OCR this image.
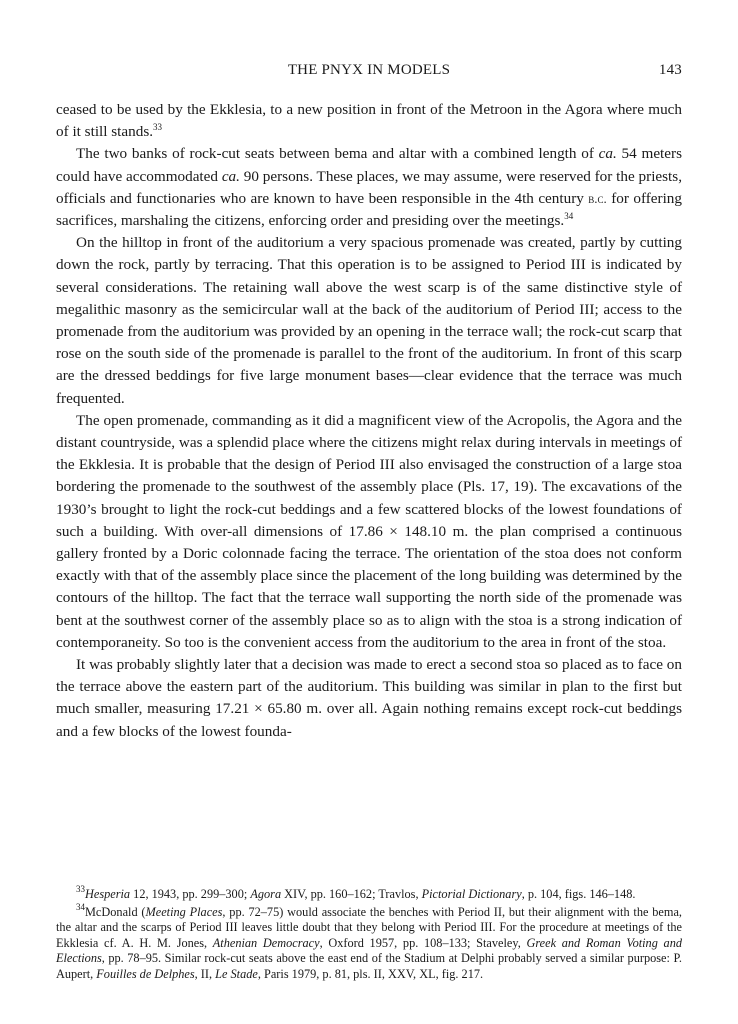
THE PNYX IN MODELS	143

ceased to be used by the Ekklesia, to a new position in front of the Metroon in the Agora where much of it still stands.$^{33}$

The two banks of rock-cut seats between bema and altar with a combined length of ca. 54 meters could have accommodated ca. 90 persons. These places, we may assume, were reserved for the priests, officials and functionaries who are known to have been responsible in the 4th century b.c. for offering sacrifices, marshaling the citizens, enforcing order and presiding over the meetings.$^{34}$

On the hilltop in front of the auditorium a very spacious promenade was created, partly by cutting down the rock, partly by terracing. That this operation is to be assigned to Period III is indicated by several considerations. The retaining wall above the west scarp is of the same distinctive style of megalithic masonry as the semicircular wall at the back of the auditorium of Period III; access to the promenade from the auditorium was provided by an opening in the terrace wall; the rock-cut scarp that rose on the south side of the promenade is parallel to the front of the auditorium. In front of this scarp are the dressed beddings for five large monument bases—clear evidence that the terrace was much frequented.

The open promenade, commanding as it did a magnificent view of the Acropolis, the Agora and the distant countryside, was a splendid place where the citizens might relax during intervals in meetings of the Ekklesia. It is probable that the design of Period III also envisaged the construction of a large stoa bordering the promenade to the southwest of the assembly place (Pls. 17, 19). The excavations of the 1930’s brought to light the rock-cut beddings and a few scattered blocks of the lowest foundations of such a building. With over-all dimensions of 17.86 × 148.10 m. the plan comprised a continuous gallery fronted by a Doric colonnade facing the terrace. The orientation of the stoa does not conform exactly with that of the assembly place since the placement of the long building was determined by the contours of the hilltop. The fact that the terrace wall supporting the north side of the promenade was bent at the southwest corner of the assembly place so as to align with the stoa is a strong indication of contemporaneity. So too is the convenient access from the auditorium to the area in front of the stoa.

It was probably slightly later that a decision was made to erect a second stoa so placed as to face on the terrace above the eastern part of the auditorium. This building was similar in plan to the first but much smaller, measuring 17.21 × 65.80 m. over all. Again nothing remains except rock-cut beddings and a few blocks of the lowest founda-

$^{33}$Hesperia 12, 1943, pp. 299–300; Agora XIV, pp. 160–162; Travlos, Pictorial Dictionary, p. 104, figs. 146–148.

$^{34}$McDonald (Meeting Places, pp. 72–75) would associate the benches with Period II, but their alignment with the bema, the altar and the scarps of Period III leaves little doubt that they belong with Period III. For the procedure at meetings of the Ekklesia cf. A. H. M. Jones, Athenian Democracy, Oxford 1957, pp. 108–133; Staveley, Greek and Roman Voting and Elections, pp. 78–95. Similar rock-cut seats above the east end of the Stadium at Delphi probably served a similar purpose: P. Aupert, Fouilles de Delphes, II, Le Stade, Paris 1979, p. 81, pls. II, XXV, XL, fig. 217.
